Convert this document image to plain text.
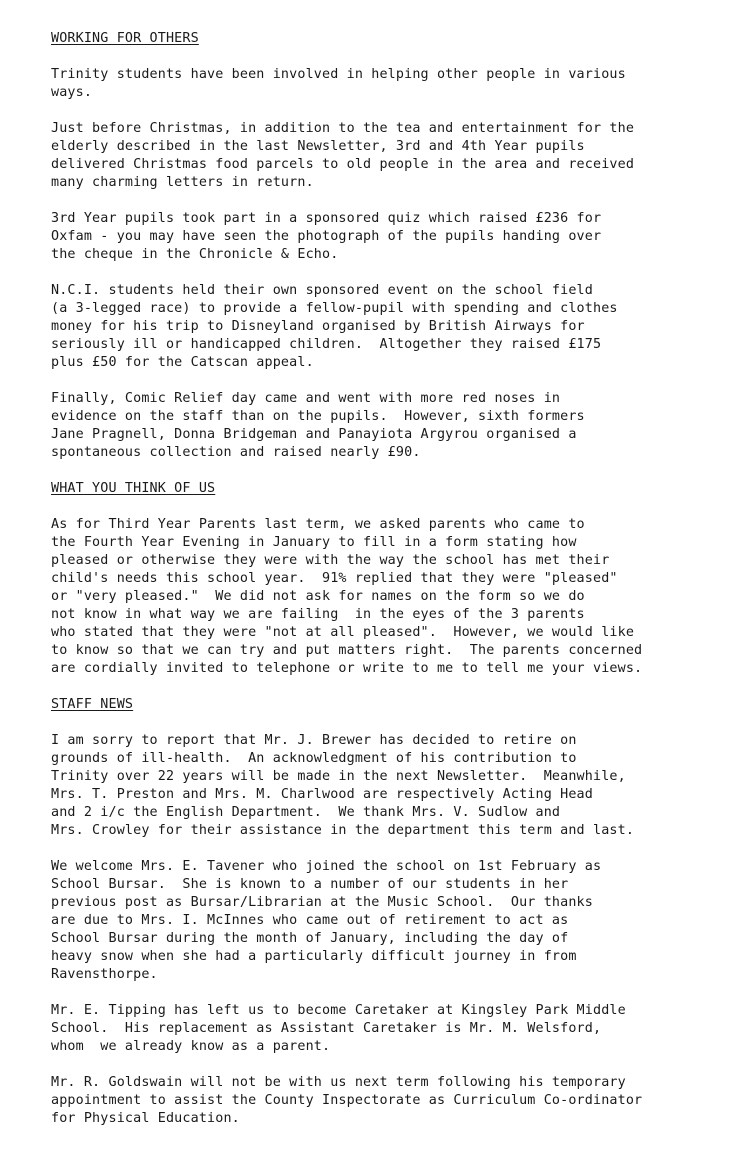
WORKING FOR OTHERS

Trinity students have been involved in helping other people in various
ways.

Just before Christmas, in addition to the tea and entertainment for the
elderly described in the last Newsletter, 3rd and 4th Year pupils
delivered Christmas food parcels to old people in the area and received
many charming letters in return.

3rd Year pupils took part in a sponsored quiz which raised £236 for
Oxfam - you may have seen the photograph of the pupils handing over
the cheque in the Chronicle & Echo.

N.C.I. students held their own sponsored event on the school field
(a 3-legged race) to provide a fellow-pupil with spending and clothes
money for his trip to Disneyland organised by British Airways for
seriously ill or handicapped children.  Altogether they raised £175
plus £50 for the Catscan appeal.

Finally, Comic Relief day came and went with more red noses in
evidence on the staff than on the pupils.  However, sixth formers
Jane Pragnell, Donna Bridgeman and Panayiota Argyrou organised a
spontaneous collection and raised nearly £90.

WHAT YOU THINK OF US

As for Third Year Parents last term, we asked parents who came to
the Fourth Year Evening in January to fill in a form stating how
pleased or otherwise they were with the way the school has met their
child's needs this school year.  91% replied that they were "pleased"
or "very pleased."  We did not ask for names on the form so we do
not know in what way we are failing  in the eyes of the 3 parents
who stated that they were "not at all pleased".  However, we would like
to know so that we can try and put matters right.  The parents concerned
are cordially invited to telephone or write to me to tell me your views.

STAFF NEWS

I am sorry to report that Mr. J. Brewer has decided to retire on
grounds of ill-health.  An acknowledgment of his contribution to
Trinity over 22 years will be made in the next Newsletter.  Meanwhile,
Mrs. T. Preston and Mrs. M. Charlwood are respectively Acting Head
and 2 i/c the English Department.  We thank Mrs. V. Sudlow and
Mrs. Crowley for their assistance in the department this term and last.

We welcome Mrs. E. Tavener who joined the school on 1st February as
School Bursar.  She is known to a number of our students in her
previous post as Bursar/Librarian at the Music School.  Our thanks
are due to Mrs. I. McInnes who came out of retirement to act as
School Bursar during the month of January, including the day of
heavy snow when she had a particularly difficult journey in from
Ravensthorpe.

Mr. E. Tipping has left us to become Caretaker at Kingsley Park Middle
School.  His replacement as Assistant Caretaker is Mr. M. Welsford,
whom  we already know as a parent.

Mr. R. Goldswain will not be with us next term following his temporary
appointment to assist the County Inspectorate as Curriculum Co-ordinator
for Physical Education.
